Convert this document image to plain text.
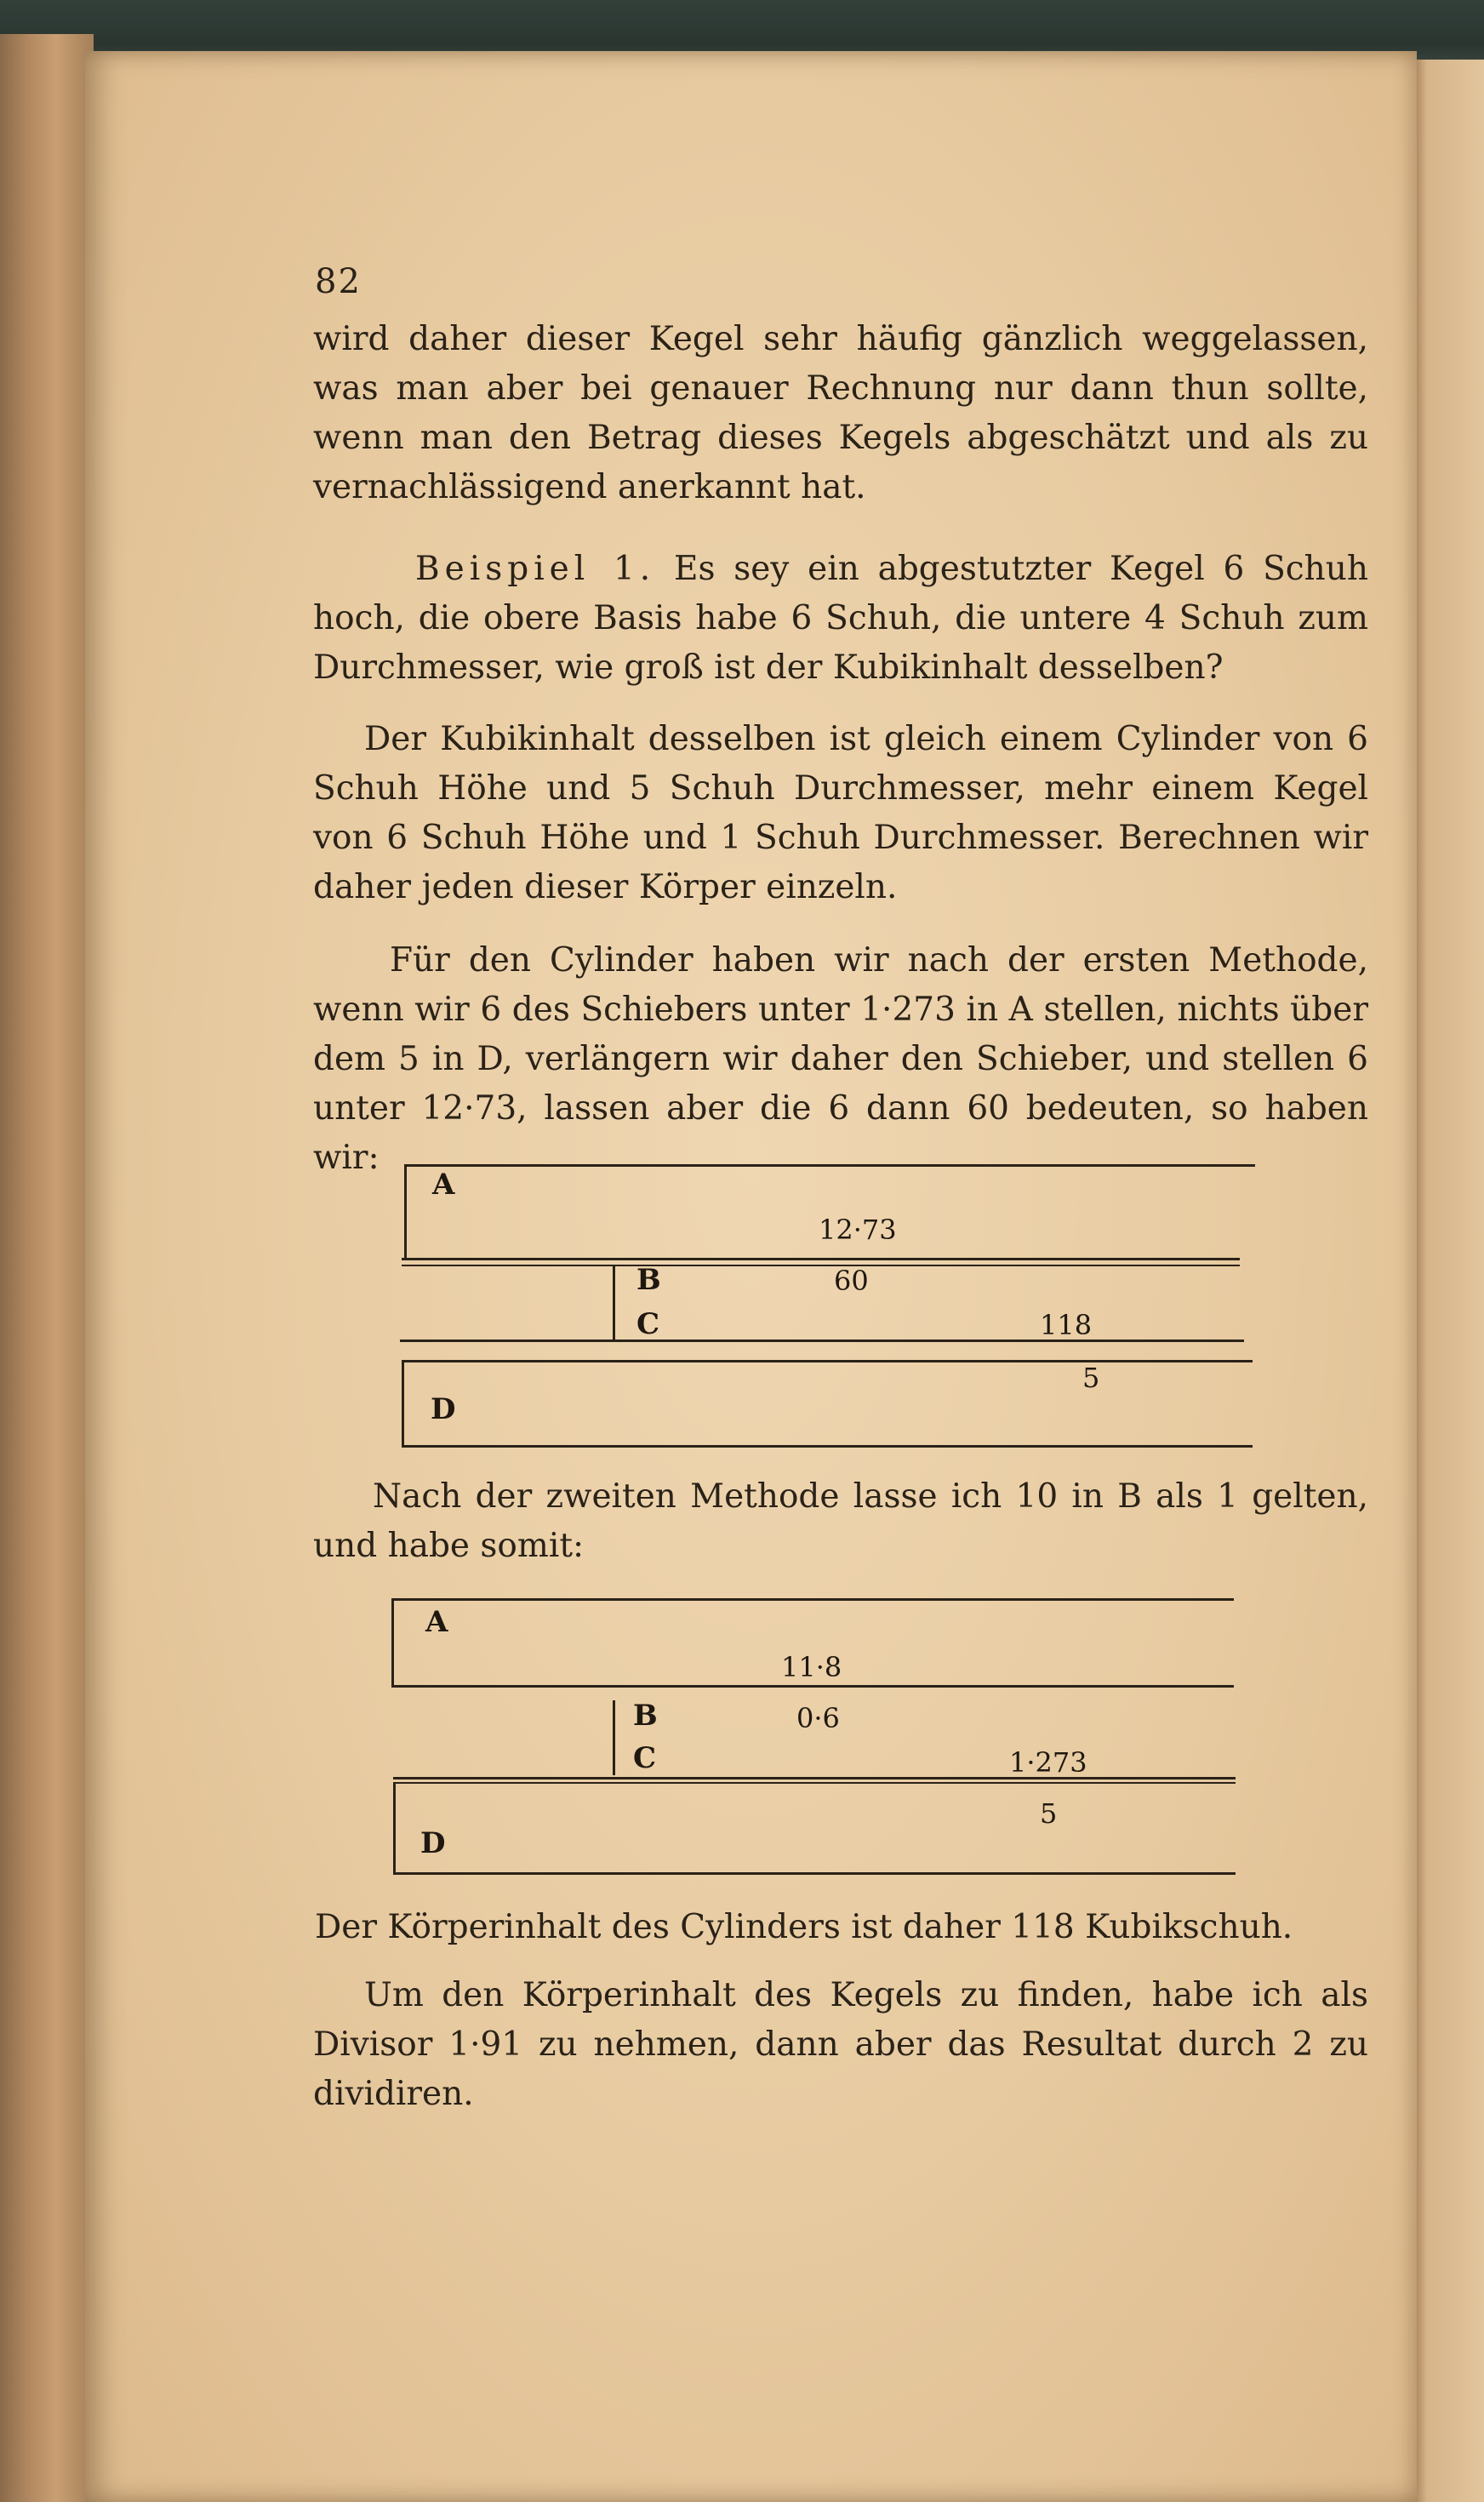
82
wird daher dieser Kegel sehr häufig gänzlich weggelassen, was man aber bei genauer Rechnung nur dann thun sollte, wenn man den Betrag dieses Kegels abgeschätzt und als zu vernachlässigend anerkannt hat.
Beispiel 1. Es sey ein abgestutzter Kegel 6 Schuh hoch, die obere Basis habe 6 Schuh, die untere 4 Schuh zum Durchmesser, wie groß ist der Kubikinhalt desselben?
Der Kubikinhalt desselben ist gleich einem Cylinder von 6 Schuh Höhe und 5 Schuh Durchmesser, mehr einem Kegel von 6 Schuh Höhe und 1 Schuh Durchmesser. Berechnen wir daher jeden dieser Körper einzeln.
Für den Cylinder haben wir nach der ersten Methode, wenn wir 6 des Schiebers unter 1·273 in A stellen, nichts über dem 5 in D, verlängern wir daher den Schieber, und stellen 6 unter 12·73, lassen aber die 6 dann 60 bedeuten, so haben wir:
A
12·73
B	60
C	118
D
5
Nach der zweiten Methode lasse ich 10 in B als 1 gelten, und habe somit:
A
11·8
B	0·6
C	1·273
D
5
Der Körperinhalt des Cylinders ist daher 118 Kubikschuh.
Um den Körperinhalt des Kegels zu finden, habe ich als Divisor 1·91 zu nehmen, dann aber das Resultat durch 2 zu dividiren.
